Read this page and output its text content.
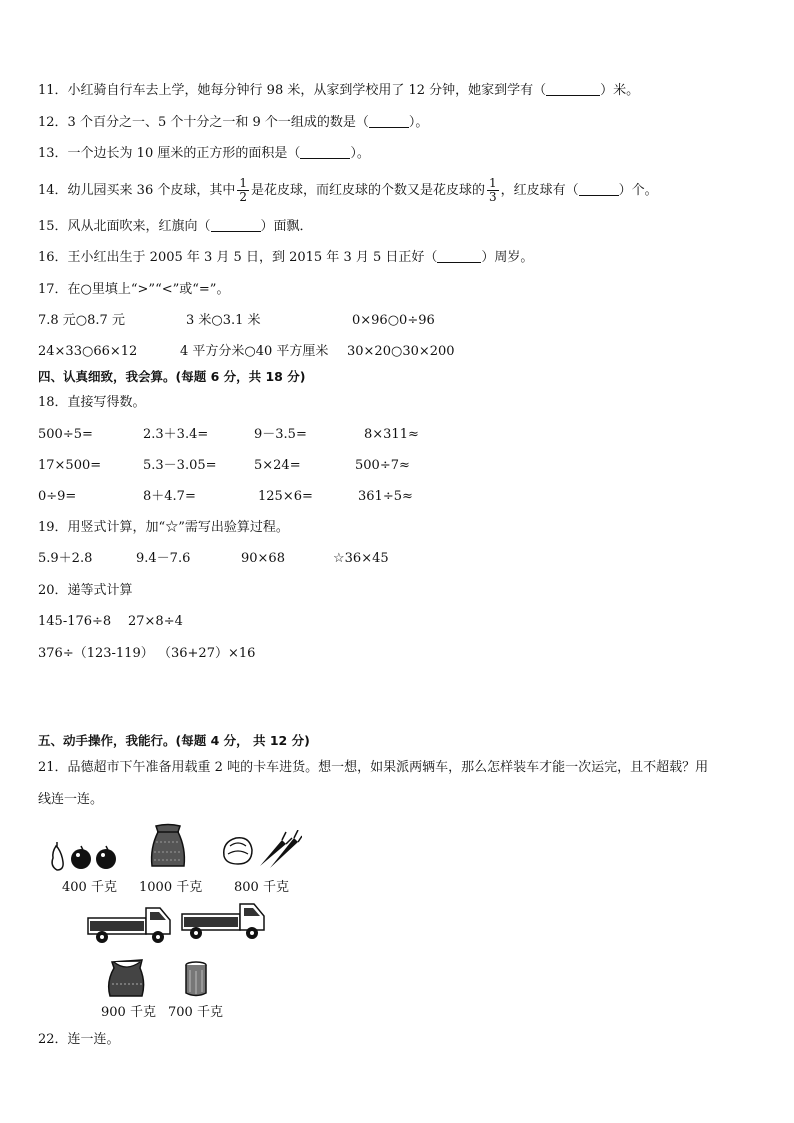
11．小红骑自行车去上学，她每分钟行 98 米，从家到学校用了 12 分钟，她家到学有（	）米。
12．3 个百分之一、5 个十分之一和 9 个一组成的数是（	）。
13．一个边长为 10 厘米的正方形的面积是（	）。
14．幼儿园买来 36 个皮球，其中 $\frac{1}{2}$ 是花皮球，而红皮球的个数又是花皮球的 $\frac{1}{3}$ ，红皮球有（	）个。
15．风从北面吹来，红旗向（	）面飘．
16．王小红出生于 2005 年 3 月 5 日，到 2015 年 3 月 5 日正好（	）周岁。
17．在○里填上“>”“<”或“=”。
7.8 元○8.7 元	3 米○3.1 米	0×96○0÷96
24×33○66×12	4 平方分米○40 平方厘米 30×20○30×200
四、认真细致，我会算。(每题 6 分，共 18 分)
18．直接写得数。
500÷5=	2.3＋3.4=	9－3.5=	8×311≈
17×500=	5.3－3.05=	5×24=	500÷7≈
0÷9=	8＋4.7=	125×6=	361÷5≈
19．用竖式计算，加“☆”需写出验算过程。
5.9＋2.8	9.4－7.6	90×68	☆36×45
20．递等式计算
145-176÷8 27×8÷4
376÷（123-119） （36+27）×16
五、动手操作，我能行。(每题 4 分， 共 12 分)
21．品德超市下午准备用载重 2 吨的卡车进货。想一想，如果派两辆车，那么怎样装车才能一次运完，且不超载？用
线连一连。
400 千克 1000 千克 800 千克
900 千克 700 千克
22．连一连。
